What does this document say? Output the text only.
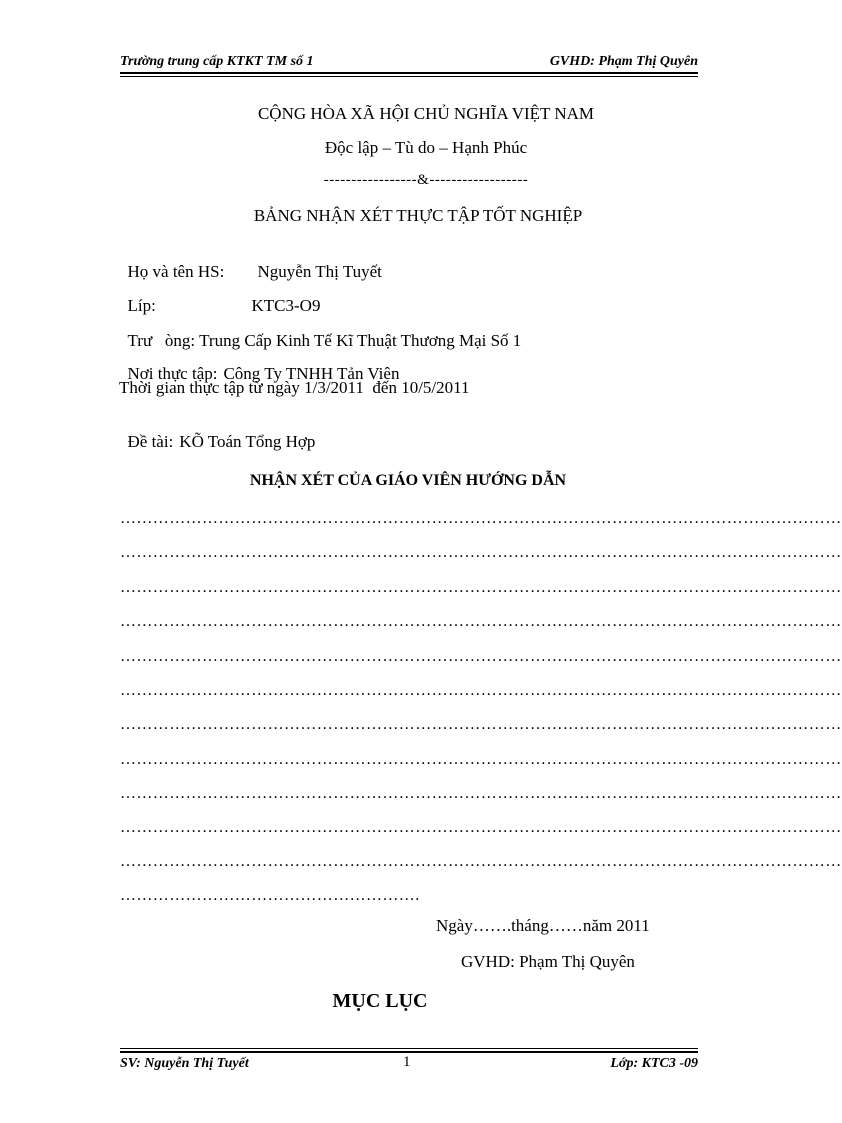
Trường trung cấp KTKT TM số 1	GVHD: Phạm Thị Quyên
CỘNG HÒA XÃ HỘI CHỦ NGHĨA VIỆT NAM
Độc lập – Tù do – Hạnh Phúc
-----------------&------------------
BẢNG NHẬN XÉT THỰC TẬP TỐT NGHIỆP

Họ và tên HS: Nguyễn Thị Tuyết

Líp:	KTC3-O9

Trư   òng: Trung Cấp Kinh Tế Kĩ Thuật Thương Mại Số 1

Nơi thực tập: Công Ty TNHH Tản Viên

Thời gian thực tập từ ngày 1/3/2011  đến 10/5/2011

Đề tài: KÕ Toán Tổng Hợp

NHẬN XÉT CỦA GIÁO VIÊN HƯỚNG DẪN
……………………………………………………………………………………………………………………
……………………………………………………………………………………………………………………
……………………………………………………………………………………………………………………
……………………………………………………………………………………………………………………
……………………………………………………………………………………………………………………
……………………………………………………………………………………………………………………
……………………………………………………………………………………………………………………
……………………………………………………………………………………………………………………
……………………………………………………………………………………………………………………
……………………………………………………………………………………………………………………
……………………………………………………………………………………………………………………
……………………………………………….
Ngày…….tháng……năm 2011
GVHD: Phạm Thị Quyên
MỤC LỤC
SV: Nguyễn Thị Tuyết	1	Lớp: KTC3 -09
